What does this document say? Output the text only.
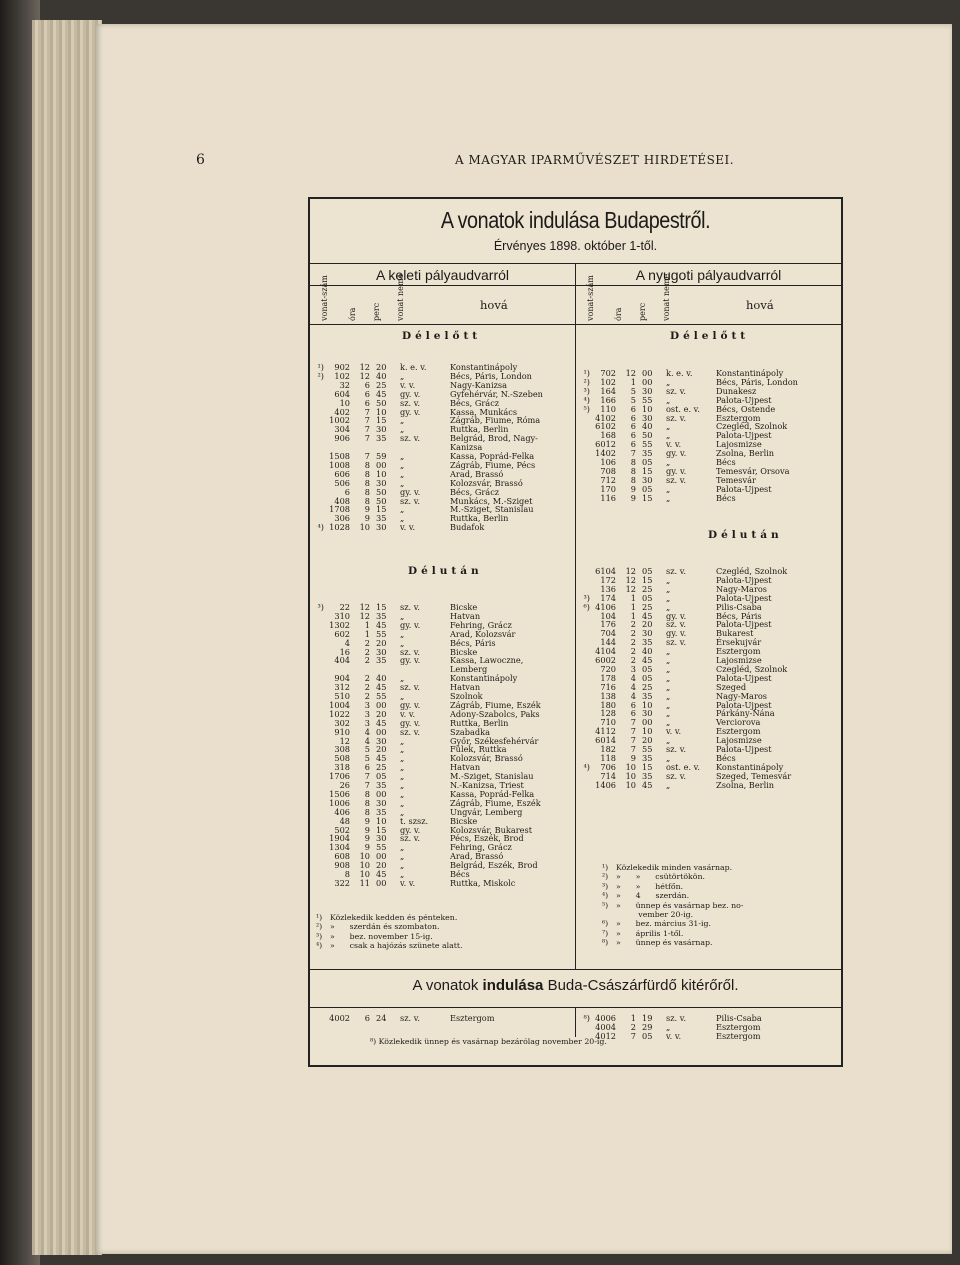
6	A MAGYAR IPARMŰVÉSZET HIRDETÉSEI.
A vonatok indulása Budapestről.
Érvényes 1898. október 1-től.
A keleti pályaudvarról	A nyugoti pályaudvarról
vonat-szám óra perc vonat neme	hová	vonat-szám óra perc vonat neme	hová
Délelőtt	Délelőtt
Délután
Délután
¹)	902	12 20	k. e. v.	Konstantinápoly
²)	102	12 40	„	Bécs, Páris, London
32	6 25	v. v.	Nagy-Kanizsa
604	6 45	gy. v.	Gyfehérvár, N.-Szeben
10	6 50	sz. v.	Bécs, Grácz
402	7 10	gy. v.	Kassa, Munkács
1002	7 15	„	Zágráb, Fiume, Róma
304	7 30	„	Ruttka, Berlin
906	7 35	sz. v.	Belgrád, Brod, Nagy-
Kanizsa
1508	7 59	„	Kassa, Poprád-Felka
1008	8 00	„	Zágráb, Fiume, Pécs
606	8 10	„	Arad, Brassó
506	8 30	„	Kolozsvár, Brassó
6	8 50	gy. v.	Bécs, Grácz
408	8 50	sz. v.	Munkács, M.-Sziget
1708	9 15	„	M.-Sziget, Stanislau
306	9 35	„	Ruttka, Berlin
⁴) 1028	10 30	v. v.	Budafok
³)	22	12 15	sz. v.	Bicske
310	12 35	„	Hatvan
1302	1 45	gy. v.	Fehring, Grácz
602	1 55	„	Arad, Kolozsvár
4	2 20	„	Bécs, Páris
16	2 30	sz. v.	Bicske
404	2 35	gy. v.	Kassa, Lawoczne,
Lemberg
904	2 40	„	Konstantinápoly
312	2 45	sz. v.	Hatvan
510	2 55	„	Szolnok
1004	3 00	gy. v.	Zágráb, Fiume, Eszék
1022	3 20	v. v.	Adony-Szabolcs, Paks
302	3 45	gy. v.	Ruttka, Berlin
910	4 00	sz. v.	Szabadka
12	4 30	„	Győr, Székesfehérvár
308	5 20	„	Fülek, Ruttka
508	5 45	„	Kolozsvár, Brassó
318	6 25	„	Hatvan
1706	7 05	„	M.-Sziget, Stanislau
26	7 35	„	N.-Kanizsa, Triest
1506	8 00	„	Kassa, Poprád-Felka
1006	8 30	„	Zágráb, Fiume, Eszék
406	8 35	„	Ungvár, Lemberg
48	9 10	t. szsz.	Bicske
502	9 15	gy. v.	Kolozsvár, Bukarest
1904	9 30	sz. v.	Pécs, Eszék, Brod
1304	9 55	„	Fehring, Grácz
608	10 00	„	Arad, Brassó
908	10 20	„	Belgrád, Eszék, Brod
8	10 45	„	Bécs
322	11 00	v. v.	Ruttka, Miskolc
¹)	702	12 00	k. e. v.	Konstantinápoly
²)	102	1 00	„	Bécs, Páris, London
³)	164	5 30	sz. v.	Dunakesz
⁴)	166	5 55	„	Palota-Ujpest
⁵)	110	6 10	ost. e. v.	Bécs, Ostende
4102	6 30	sz. v.	Esztergom
6102	6 40	„	Czegléd, Szolnok
168	6 50	„	Palota-Ujpest
6012	6 55	v. v.	Lajosmizse
1402	7 35	gy. v.	Zsolna, Berlin
106	8 05	„	Bécs
708	8 15	gy. v.	Temesvár, Orsova
712	8 30	sz. v.	Temesvár
170	9 05	„	Palota-Ujpest
116	9 15	„	Bécs
6104	12 05	sz. v.	Czegléd, Szolnok
172	12 15	„	Palota-Ujpest
136	12 25	„	Nagy-Maros
³)	174	1 05	„	Palota-Ujpest
⁶) 4106	1 25	„	Pilis-Csaba
104	1 45	gy. v.	Bécs, Páris
176	2 20	sz. v.	Palota-Ujpest
704	2 30	gy. v.	Bukarest
144	2 35	sz. v.	Érsekujvár
4104	2 40	„	Esztergom
6002	2 45	„	Lajosmizse
720	3 05	„	Czegléd, Szolnok
178	4 05	„	Palota-Ujpest
716	4 25	„	Szeged
138	4 35	„	Nagy-Maros
180	6 10	„	Palota-Ujpest
128	6 30	„	Párkány-Nána
710	7 00	„	Verciorova
4112	7 10	v. v.	Esztergom
6014	7 20	„	Lajosmizse
182	7 55	sz. v.	Palota-Ujpest
118	9 35	„	Bécs
⁴)	706	10 15	ost. e. v.	Konstantinápoly
714	10 35	sz. v.	Szeged, Temesvár
1406	10 45	„	Zsolna, Berlin
4002	6 24	sz. v.	Esztergom	⁸) 4006	1 19	sz. v.	Pilis-Csaba
4004	2 29	„	Esztergom
4012	7 05	v. v.	Esztergom
¹) Közlekedik kedden és pénteken.
²) »      szerdán és szombaton.
³) »      bez. november 15-ig.
⁴) »      csak a hajózás szünete alatt.
¹) Közlekedik minden vasárnap.
²) »      »      csütörtökön.
³) »      »      hétfőn.
⁴) »      4      szerdán.
⁵) »      ünnep és vasárnap bez. no-
vember 20-ig.
⁶) »      bez. március 31-ig.
⁷) »      április 1-től.
⁸) »      ünnep és vasárnap.
A vonatok indulása Buda-Császárfürdő kitérőről.
⁸) Közlekedik ünnep és vasárnap bezárólag november 20-ig.
